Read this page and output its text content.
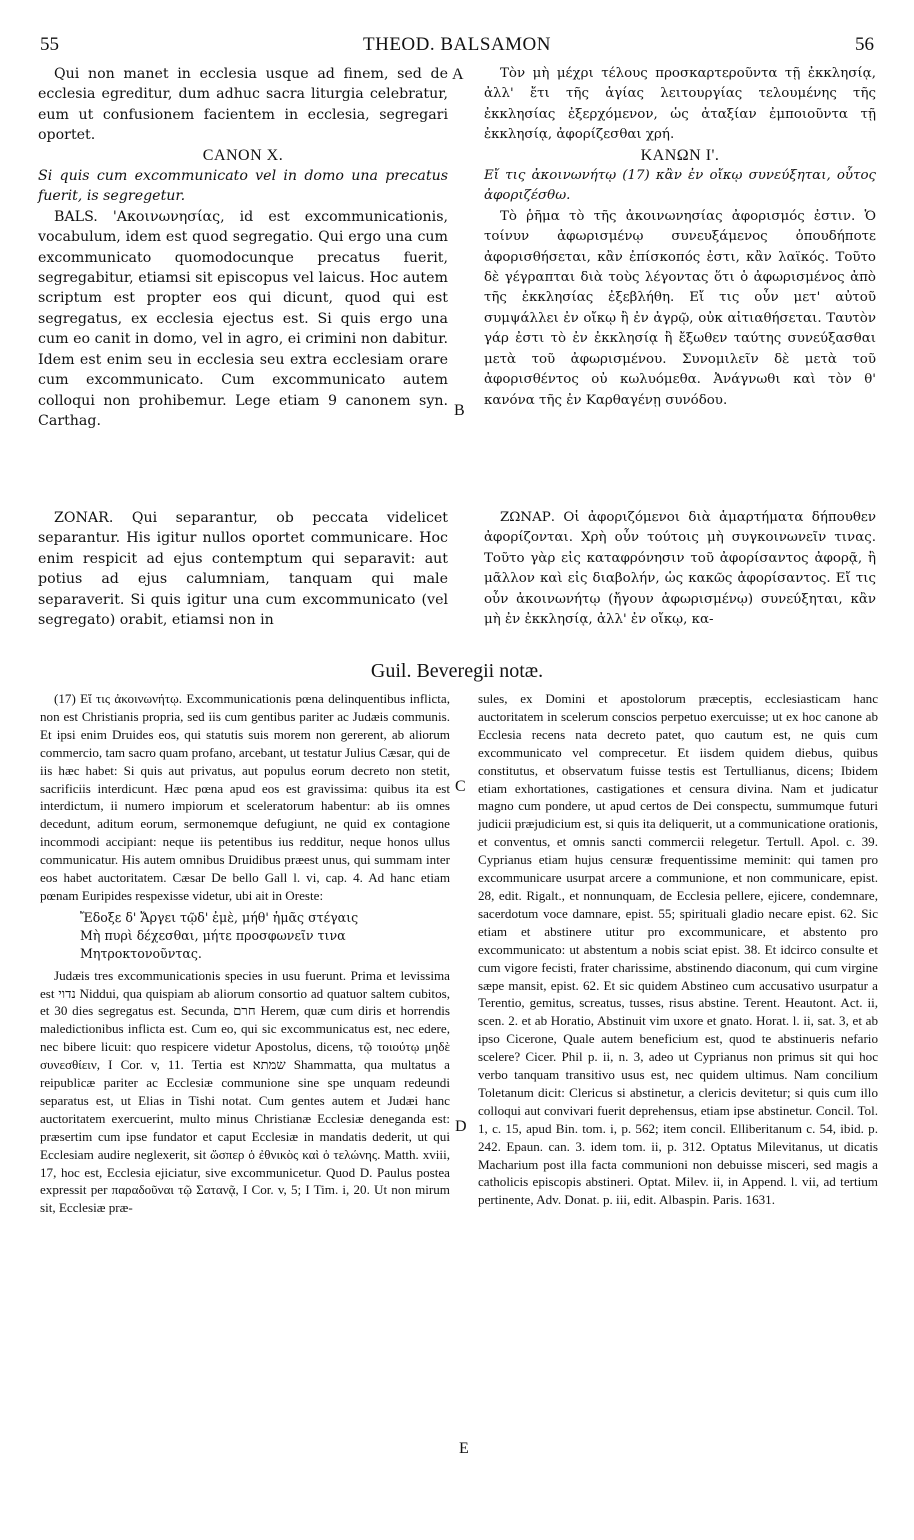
55	THEOD. BALSAMON	56

Qui non manet in ecclesia usque ad finem, sed de ecclesia egreditur, dum adhuc sacra liturgia celebratur, eum ut confusionem facientem in ecclesia, segregari oportet.

CANON X.

Si quis cum excommunicato vel in domo una precatus fuerit, is segregetur.

BALS. 'Ακοινωνησίας, id est excommunicationis, vocabulum, idem est quod segregatio. Qui ergo una cum excommunicato quomodocunque precatus fuerit, segregabitur, etiamsi sit episcopus vel laicus. Hoc autem scriptum est propter eos qui dicunt, quod qui est segregatus, ex ecclesia ejectus est. Si quis ergo una cum eo canit in domo, vel in agro, ei crimini non dabitur. Idem est enim seu in ecclesia seu extra ecclesiam orare cum excommunicato. Cum excommunicato autem colloqui non prohibemur. Lege etiam 9 canonem syn. Carthag.

ZONAR. Qui separantur, ob peccata videlicet separantur. His igitur nullos oportet communicare. Hoc enim respicit ad ejus contemptum qui separavit: aut potius ad ejus calumniam, tanquam qui male separaverit. Si quis igitur una cum excommunicato (vel segregato) orabit, etiamsi non in

Τὸν μὴ μέχρι τέλους προσκαρτεροῦντα τῇ ἐκκλησίᾳ, ἀλλ' ἔτι τῆς ἁγίας λειτουργίας τελουμένης τῆς ἐκκλησίας ἐξερχόμενον, ὡς ἀταξίαν ἐμποιοῦντα τῇ ἐκκλησίᾳ, ἀφορίζεσθαι χρή.

ΚΑΝΩΝ Ι'.

Εἴ τις ἀκοινωνήτῳ (17) κἂν ἐν οἴκῳ συνεύξηται, οὗτος ἀφοριζέσθω.

Τὸ ῥῆμα τὸ τῆς ἀκοινωνησίας ἀφορισμός ἐστιν. Ὁ τοίνυν ἀφωρισμένῳ συνευξάμενος ὁπουδήποτε ἀφορισθήσεται, κἂν ἐπίσκοπός ἐστι, κἂν λαϊκός. Τοῦτο δὲ γέγραπται διὰ τοὺς λέγοντας ὅτι ὁ ἀφωρισμένος ἀπὸ τῆς ἐκκλησίας ἐξεβλήθη. Εἴ τις οὖν μετ' αὐτοῦ συμψάλλει ἐν οἴκῳ ἢ ἐν ἀγρῷ, οὐκ αἰτιαθήσεται. Ταυτὸν γάρ ἐστι τὸ ἐν ἐκκλησίᾳ ἢ ἔξωθεν ταύτης συνεύξασθαι μετὰ τοῦ ἀφωρισμένου. Συνομιλεῖν δὲ μετὰ τοῦ ἀφορισθέντος οὐ κωλυόμεθα. Ἀνάγνωθι καὶ τὸν θ' κανόνα τῆς ἐν Καρθαγένῃ συνόδου.

ΖΩΝΑΡ. Οἱ ἀφοριζόμενοι διὰ ἁμαρτήματα δήπουθεν ἀφορίζονται. Χρὴ οὖν τούτοις μὴ συγκοινωνεῖν τινας. Τοῦτο γὰρ εἰς καταφρόνησιν τοῦ ἀφορίσαντος ἀφορᾷ, ἢ μᾶλλον καὶ εἰς διαβολήν, ὡς κακῶς ἀφορίσαντος. Εἴ τις οὖν ἀκοινωνήτῳ (ἤγουν ἀφωρισμένῳ) συνεύξηται, κἂν μὴ ἐν ἐκκλησίᾳ, ἀλλ' ἐν οἴκῳ, κα-

A
B
C
D
E
Guil. Beveregii notæ.

(17) Εἴ τις ἀκοινωνήτῳ. Excommunicationis pœna delinquentibus inflicta, non est Christianis propria, sed iis cum gentibus pariter ac Judæis communis. Et ipsi enim Druides eos, qui statutis suis morem non gererent, ab aliorum commercio, tam sacro quam profano, arcebant, ut testatur Julius Cæsar, qui de iis hæc habet: Si quis aut privatus, aut populus eorum decreto non stetit, sacrificiis interdicunt. Hæc pœna apud eos est gravissima: quibus ita est interdictum, ii numero impiorum et sceleratorum habentur: ab iis omnes decedunt, aditum eorum, sermonemque defugiunt, ne quid ex contagione incommodi accipiant: neque iis petentibus ius redditur, neque honos ullus communicatur. His autem omnibus Druidibus præest unus, qui summam inter eos habet auctoritatem. Cæsar De bello Gall l. vi, cap. 4. Ad hanc etiam pœnam Euripides respexisse videtur, ubi ait in Oreste:

Ἔδοξε δ' Ἄργει τῷδ' ἐμὲ, μήθ' ἡμᾶς στέγαις
Μὴ πυρὶ δέχεσθαι, μήτε προσφωνεῖν τινα
Μητροκτονοῦντας.

Judæis tres excommunicationis species in usu fuerunt. Prima et levissima est נדוי Niddui, qua quispiam ab aliorum consortio ad quatuor saltem cubitos, et 30 dies segregatus est. Secunda, חרם Herem, quæ cum diris et horrendis maledictionibus inflicta est. Cum eo, qui sic excommunicatus est, nec edere, nec bibere licuit: quo respicere videtur Apostolus, dicens, τῷ τοιούτῳ μηδὲ συνεσθίειν, I Cor. v, 11. Tertia est שמתא Shammatta, qua multatus a reipublicæ pariter ac Ecclesiæ communione sine spe unquam redeundi separatus est, ut Elias in Tishi notat. Cum gentes autem et Judæi hanc auctoritatem exercuerint, multo minus Christianæ Ecclesiæ deneganda est: præsertim cum ipse fundator et caput Ecclesiæ in mandatis dederit, ut qui Ecclesiam audire neglexerit, sit ὥσπερ ὁ ἐθνικὸς καὶ ὁ τελώνης. Matth. xviii, 17, hoc est, Ecclesia ejiciatur, sive excommunicetur. Quod D. Paulus postea expressit per παραδοῦναι τῷ Σατανᾷ, I Cor. v, 5; I Tim. i, 20. Ut non mirum sit, Ecclesiæ præ-

sules, ex Domini et apostolorum præceptis, ecclesiasticam hanc auctoritatem in scelerum conscios perpetuo exercuisse; ut ex hoc canone ab Ecclesia recens nata decreto patet, quo cautum est, ne quis cum excommunicato vel comprecetur. Et iisdem quidem diebus, quibus constitutus, et observatum fuisse testis est Tertullianus, dicens; Ibidem etiam exhortationes, castigationes et censura divina. Nam et judicatur magno cum pondere, ut apud certos de Dei conspectu, summumque futuri judicii præjudicium est, si quis ita deliquerit, ut a communicatione orationis, et conventus, et omnis sancti commercii relegetur. Tertull. Apol. c. 39. Cyprianus etiam hujus censuræ frequentissime meminit: qui tamen pro excommunicare usurpat arcere a communione, et non communicare, epist. 28, edit. Rigalt., et nonnunquam, de Ecclesia pellere, ejicere, condemnare, sacerdotum voce damnare, epist. 55; spirituali gladio necare epist. 62. Sic etiam et abstinere utitur pro excommunicare, et abstento pro excommunicato: ut abstentum a nobis sciat epist. 38. Et idcirco consulte et cum vigore fecisti, frater charissime, abstinendo diaconum, qui cum virgine sæpe mansit, epist. 62. Et sic quidem Abstineo cum accusativo usurpatur a Terentio, gemitus, screatus, tusses, risus abstine. Terent. Heautont. Act. ii, scen. 2. et ab Horatio, Abstinuit vim uxore et gnato. Horat. l. ii, sat. 3, et ab ipso Cicerone, Quale autem beneficium est, quod te abstinueris nefario scelere? Cicer. Phil p. ii, n. 3, adeo ut Cyprianus non primus sit qui hoc verbo tanquam transitivo usus est, nec quidem ultimus. Nam concilium Toletanum dicit: Clericus si abstinetur, a clericis devitetur; si quis cum illo colloqui aut convivari fuerit deprehensus, etiam ipse abstinetur. Concil. Tol. 1, c. 15, apud Bin. tom. i, p. 562; item concil. Elliberitanum c. 54, ibid. p. 242. Epaun. can. 3. idem tom. ii, p. 312. Optatus Milevitanus, ut dicatis Macharium post illa facta communioni non debuisse misceri, sed magis a catholicis episcopis abstineri. Optat. Milev. ii, in Append. l. vii, ad tertium pertinente, Adv. Donat. p. iii, edit. Albaspin. Paris. 1631.
